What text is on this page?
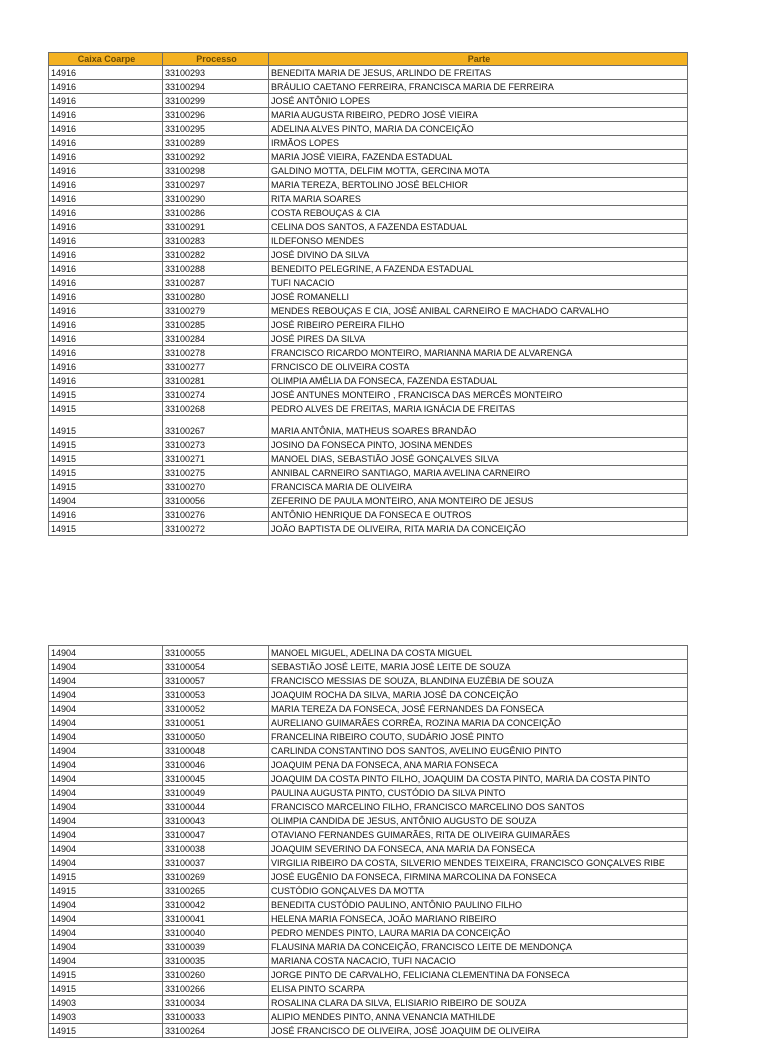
Caixa Coarpe	Processo	Parte
14916	33100293	BENEDITA MARIA DE JESUS, ARLINDO DE FREITAS
14916	33100294	BRÁULIO CAETANO FERREIRA, FRANCISCA MARIA DE FERREIRA
14916	33100299	JOSÉ ANTÔNIO LOPES
14916	33100296	MARIA AUGUSTA RIBEIRO, PEDRO JOSÉ VIEIRA
14916	33100295	ADELINA ALVES PINTO, MARIA DA CONCEIÇÃO
14916	33100289	IRMÃOS LOPES
14916	33100292	MARIA JOSÉ VIEIRA, FAZENDA ESTADUAL
14916	33100298	GALDINO MOTTA, DELFIM MOTTA, GERCINA MOTA
14916	33100297	MARIA TEREZA, BERTOLINO JOSÉ BELCHIOR
14916	33100290	RITA MARIA SOARES
14916	33100286	COSTA REBOUÇAS & CIA
14916	33100291	CELINA DOS SANTOS, A FAZENDA ESTADUAL
14916	33100283	ILDEFONSO MENDES
14916	33100282	JOSÉ DIVINO DA SILVA
14916	33100288	BENEDITO PELEGRINE, A FAZENDA ESTADUAL
14916	33100287	TUFI NACACIO
14916	33100280	JOSÉ ROMANELLI
14916	33100279	MENDES REBOUÇAS E CIA, JOSÉ ANIBAL CARNEIRO E MACHADO CARVALHO
14916	33100285	JOSÉ RIBEIRO PEREIRA FILHO
14916	33100284	JOSÉ PIRES DA SILVA
14916	33100278	FRANCISCO RICARDO MONTEIRO, MARIANNA MARIA DE ALVARENGA
14916	33100277	FRNCISCO DE OLIVEIRA COSTA
14916	33100281	OLIMPIA AMÉLIA DA FONSECA, FAZENDA ESTADUAL
14915	33100274	JOSÉ ANTUNES MONTEIRO , FRANCISCA DAS MERCÊS MONTEIRO
14915	33100268	PEDRO ALVES DE FREITAS, MARIA IGNÁCIA DE FREITAS
14915	33100267	MARIA ANTÔNIA, MATHEUS SOARES BRANDÃO
14915	33100273	JOSINO DA FONSECA PINTO, JOSINA MENDES
14915	33100271	MANOEL DIAS, SEBASTIÃO JOSÉ GONÇALVES SILVA
14915	33100275	ANNIBAL CARNEIRO SANTIAGO, MARIA AVELINA CARNEIRO
14915	33100270	FRANCISCA MARIA DE OLIVEIRA
14904	33100056	ZEFERINO DE PAULA MONTEIRO, ANA MONTEIRO DE JESUS
14916	33100276	ANTÔNIO HENRIQUE DA FONSECA E OUTROS
14915	33100272	JOÃO BAPTISTA DE OLIVEIRA, RITA MARIA DA CONCEIÇÃO
14904	33100055	MANOEL MIGUEL, ADELINA DA COSTA MIGUEL
14904	33100054	SEBASTIÃO JOSÉ LEITE, MARIA JOSÉ LEITE DE SOUZA
14904	33100057	FRANCISCO MESSIAS DE SOUZA, BLANDINA EUZÉBIA DE SOUZA
14904	33100053	JOAQUIM ROCHA DA SILVA, MARIA JOSÉ DA CONCEIÇÃO
14904	33100052	MARIA TEREZA DA FONSECA, JOSÉ FERNANDES DA FONSECA
14904	33100051	AURELIANO GUIMARÃES CORRÊA, ROZINA MARIA DA CONCEIÇÃO
14904	33100050	FRANCELINA RIBEIRO COUTO, SUDÁRIO JOSÉ PINTO
14904	33100048	CARLINDA CONSTANTINO DOS SANTOS, AVELINO EUGÊNIO PINTO
14904	33100046	JOAQUIM PENA DA FONSECA, ANA MARIA FONSECA
14904	33100045	JOAQUIM DA COSTA PINTO FILHO, JOAQUIM DA COSTA PINTO, MARIA DA COSTA PINTO
14904	33100049	PAULINA AUGUSTA PINTO, CUSTÓDIO DA SILVA PINTO
14904	33100044	FRANCISCO MARCELINO FILHO, FRANCISCO MARCELINO DOS SANTOS
14904	33100043	OLIMPIA CANDIDA DE JESUS, ANTÔNIO AUGUSTO DE SOUZA
14904	33100047	OTAVIANO FERNANDES GUIMARÃES, RITA DE OLIVEIRA GUIMARÃES
14904	33100038	JOAQUIM SEVERINO DA FONSECA, ANA MARIA DA FONSECA
14904	33100037	VIRGILIA RIBEIRO DA COSTA, SILVERIO MENDES TEIXEIRA, FRANCISCO GONÇALVES RIBE
14915	33100269	JOSÉ EUGÊNIO DA FONSECA, FIRMINA MARCOLINA DA FONSECA
14915	33100265	CUSTÓDIO GONÇALVES DA MOTTA
14904	33100042	BENEDITA CUSTÓDIO PAULINO, ANTÔNIO PAULINO FILHO
14904	33100041	HELENA MARIA FONSECA, JOÃO MARIANO RIBEIRO
14904	33100040	PEDRO MENDES PINTO, LAURA MARIA DA CONCEIÇÃO
14904	33100039	FLAUSINA MARIA DA CONCEIÇÃO, FRANCISCO LEITE DE MENDONÇA
14904	33100035	MARIANA COSTA NACACIO, TUFI NACACIO
14915	33100260	JORGE PINTO DE CARVALHO, FELICIANA CLEMENTINA DA FONSECA
14915	33100266	ELISA PINTO SCARPA
14903	33100034	ROSALINA CLARA DA SILVA, ELISIARIO RIBEIRO DE SOUZA
14903	33100033	ALIPIO MENDES PINTO, ANNA VENANCIA MATHILDE
14915	33100264	JOSÉ FRANCISCO DE OLIVEIRA, JOSÉ JOAQUIM DE OLIVEIRA
